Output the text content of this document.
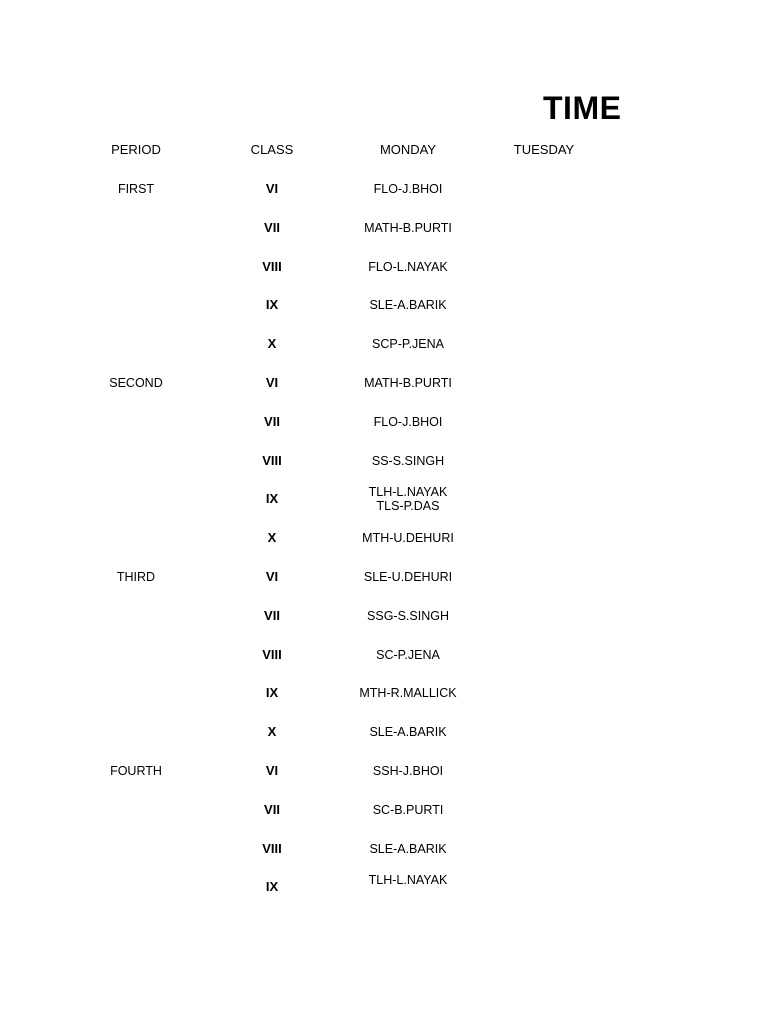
TIME
PERIOD	CLASS	MONDAY	TUESDAY
FIRST	VI	FLO-J.BHOI
VII	MATH-B.PURTI
VIII	FLO-L.NAYAK
IX	SLE-A.BARIK
X	SCP-P.JENA
SECOND	VI	MATH-B.PURTI
VII	FLO-J.BHOI
VIII	SS-S.SINGH
IX	TLH-L.NAYAK
TLS-P.DAS
X	MTH-U.DEHURI
THIRD	VI	SLE-U.DEHURI
VII	SSG-S.SINGH
VIII	SC-P.JENA
IX	MTH-R.MALLICK
X	SLE-A.BARIK
FOURTH	VI	SSH-J.BHOI
VII	SC-B.PURTI
VIII	SLE-A.BARIK
IX	TLH-L.NAYAK
